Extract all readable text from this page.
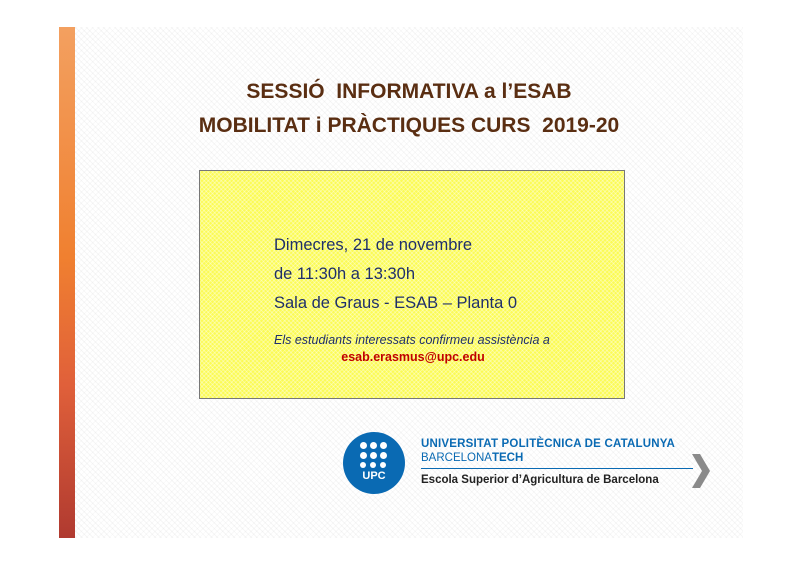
SESSIÓ  INFORMATIVA a l’ESAB
MOBILITAT i PRÀCTIQUES CURS  2019-20
Dimecres, 21 de novembre
de 11:30h a 13:30h
Sala de Graus - ESAB – Planta 0

Els estudiants interessats confirmeu assistència a

esab.erasmus@upc.edu

UPC
UNIVERSITAT POLITÈCNICA DE CATALUNYA
BARCELONATECH
Escola Superior d’Agricultura de Barcelona
